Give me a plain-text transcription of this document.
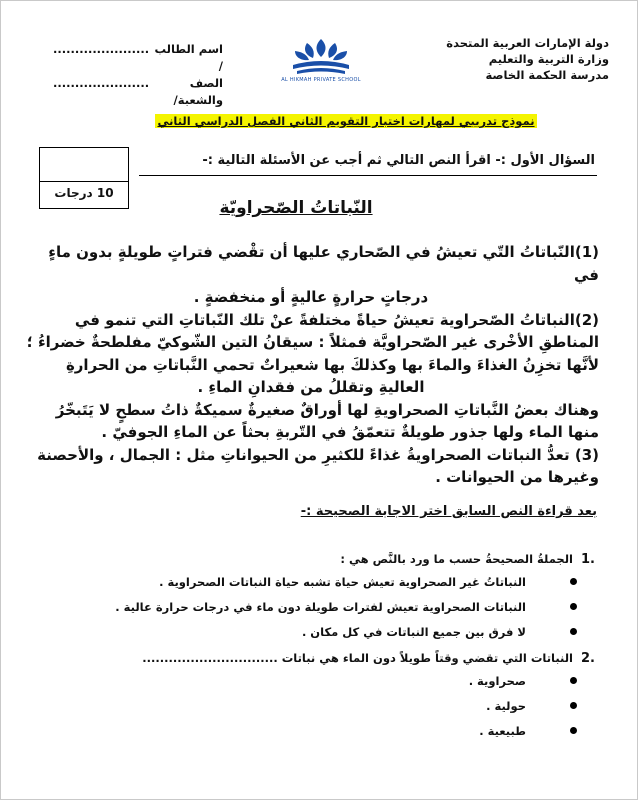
دولة الإمارات العربية المتحدة
وزارة التربية والتعليم
مدرسة الحكمة الخاصة
AL HIKMAH PRIVATE SCHOOL
اسم الطالب /
......................
الصف والشعبة/
......................
نموذج تدريبي لمهارات اختبار التقويم الثاني الفصل الدراسي الثاني
10 درجات
السؤال الأول :- اقرأ النص التالي ثم أجب عن الأسئلة التالية :-
النّباتاتُ الصّحراويّة

(1)النّباتاتُ التّي تعيشُ في الصّحاري عليها أن تقْضي فتراتٍ طويلةٍ بدون ماءٍ في

درجاتٍ حرارةٍ عاليةٍ أو منخفضةٍ .

(2)النباتاتُ الصّحراوية تعيشُ حياةً مختلفةً عنْ تلك النّباتاتِ التي تنمو في

المناطقِ الأخْرى غير الصّحراويَّة فمثلاً : سيقانُ التين الشّوكيّ مفلطحةٌ خضراءُ ؛

لأنَّها تخزِنُ الغذاءَ والماءَ بها وكذلكَ بها شعيراتٌ تحمي النَّباتاتِ من الحرارةِ

العاليةِ وتقللُ من فقدانِ الماءِ .

وهناك بعضُ النَّباتاتِ الصحراويةِ لها أوراقٌ صغيرةٌ سميكةٌ ذاتُ سطحٍ لا يَتَبخّرُ

منها الماء ولها جذور طويلةٌ تتعمّقُ في التّربةِ بحثاً عن الماءِ الجوفيّ .

(3) تعدُّ النباتات الصحراويةُ غذاءً للكثيرِ من الحيواناتِ مثل : الجمال ، والأحصنة

وغيرها من الحيوانات .

بعد قراءة النص السابق اختر الاجابة الصحيحة :-
.1 الجملةُ الصحيحةُ حسب ما ورد بالنَّص هي :
النباتاتُ غير الصحراوية تعيش حياة تشبه حياة النباتات الصحراوية .
النباتات الصحراوية تعيش لفترات طويلة دون ماء في درجات حرارة عالية .
لا فرق بين جميع النباتات في كل مكان .
.2 النباتات التي تقضي وقتاً طويلاً دون الماء هي نباتات ...............................
صحراوية .
حولية .
طبيعية .
